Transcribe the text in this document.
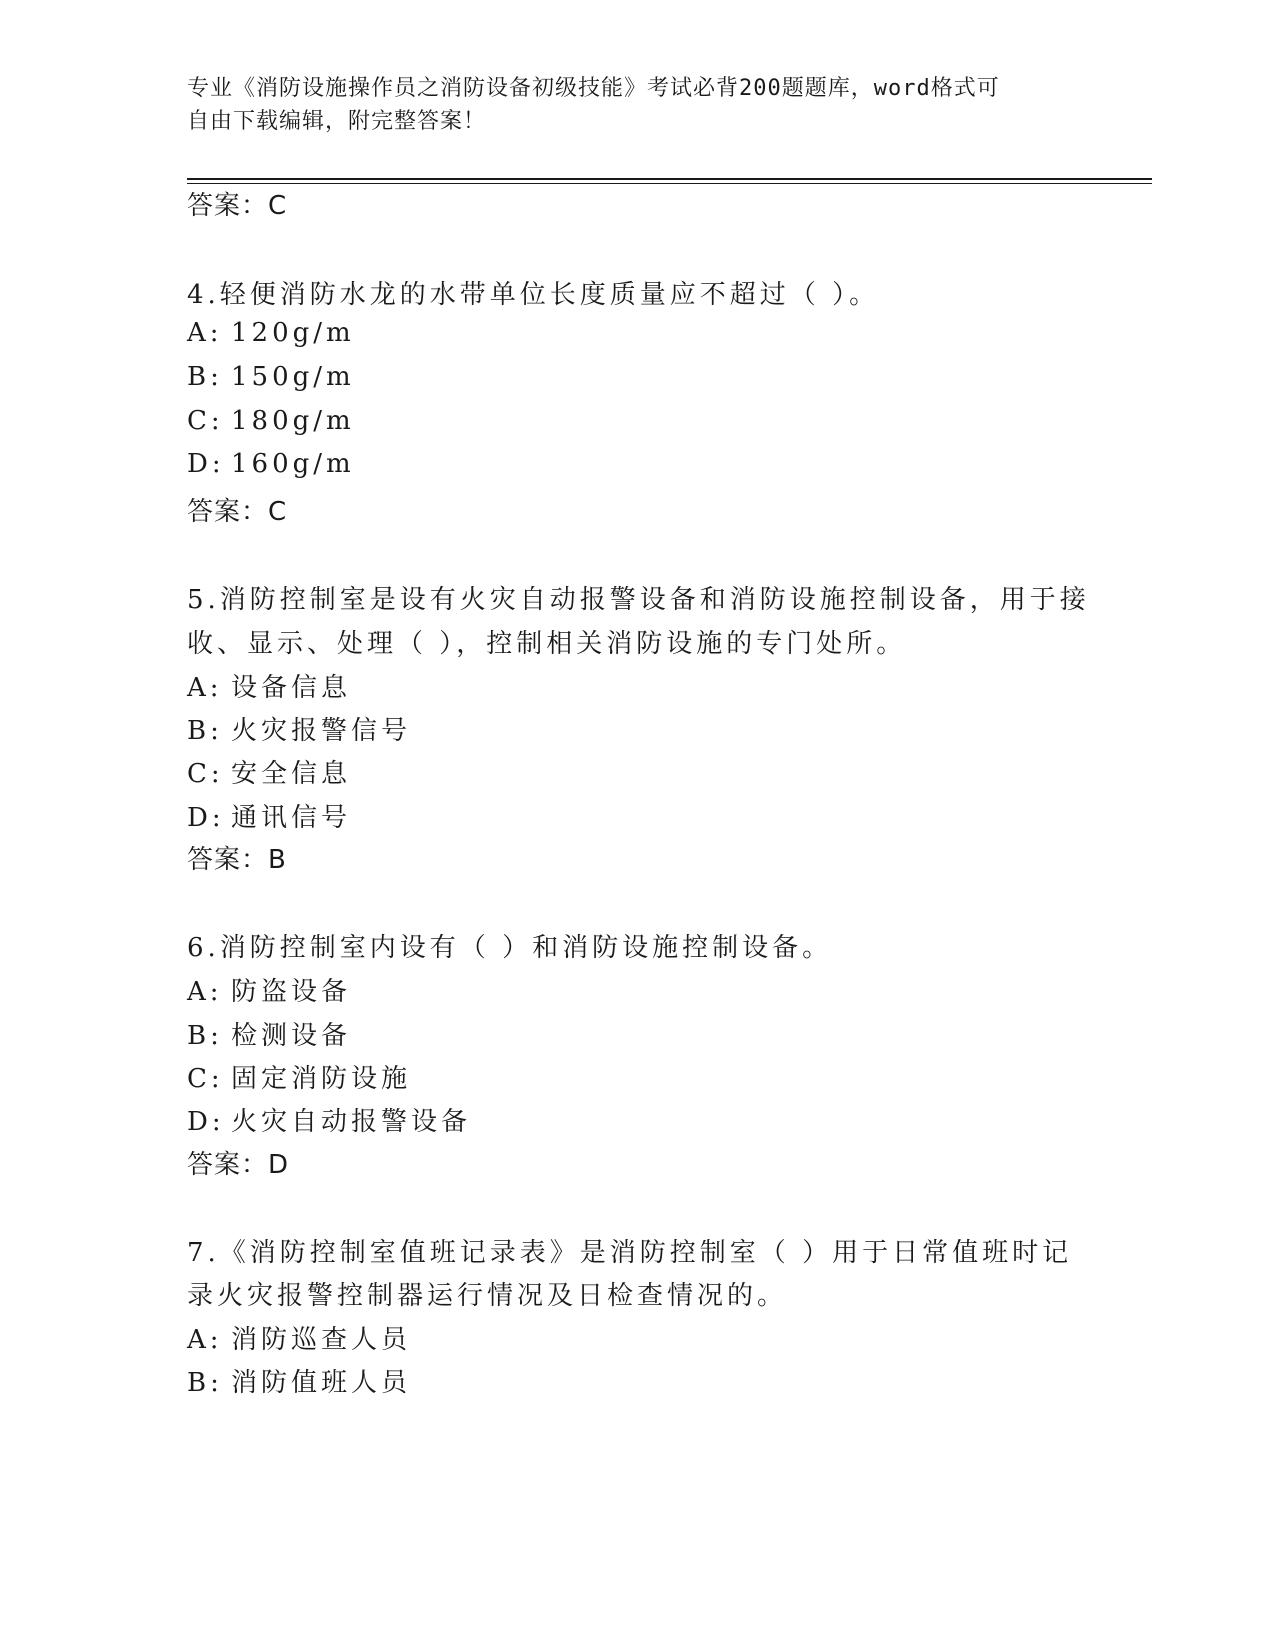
专业《消防设施操作员之消防设备初级技能》考试必背200题题库，word格式可
自由下载编辑，附完整答案！
答案：C
4.轻便消防水龙的水带单位长度质量应不超过（ ）。
A: 120g/m
B: 150g/m
C: 180g/m
D: 160g/m
答案：C
5.消防控制室是设有火灾自动报警设备和消防设施控制设备，用于接
收、显示、处理（ ），控制相关消防设施的专门处所。
A: 设备信息
B: 火灾报警信号
C: 安全信息
D: 通讯信号
答案：B
6.消防控制室内设有（ ）和消防设施控制设备。
A: 防盗设备
B: 检测设备
C: 固定消防设施
D: 火灾自动报警设备
答案：D
7.《消防控制室值班记录表》是消防控制室（ ）用于日常值班时记
录火灾报警控制器运行情况及日检查情况的。
A: 消防巡查人员
B: 消防值班人员
